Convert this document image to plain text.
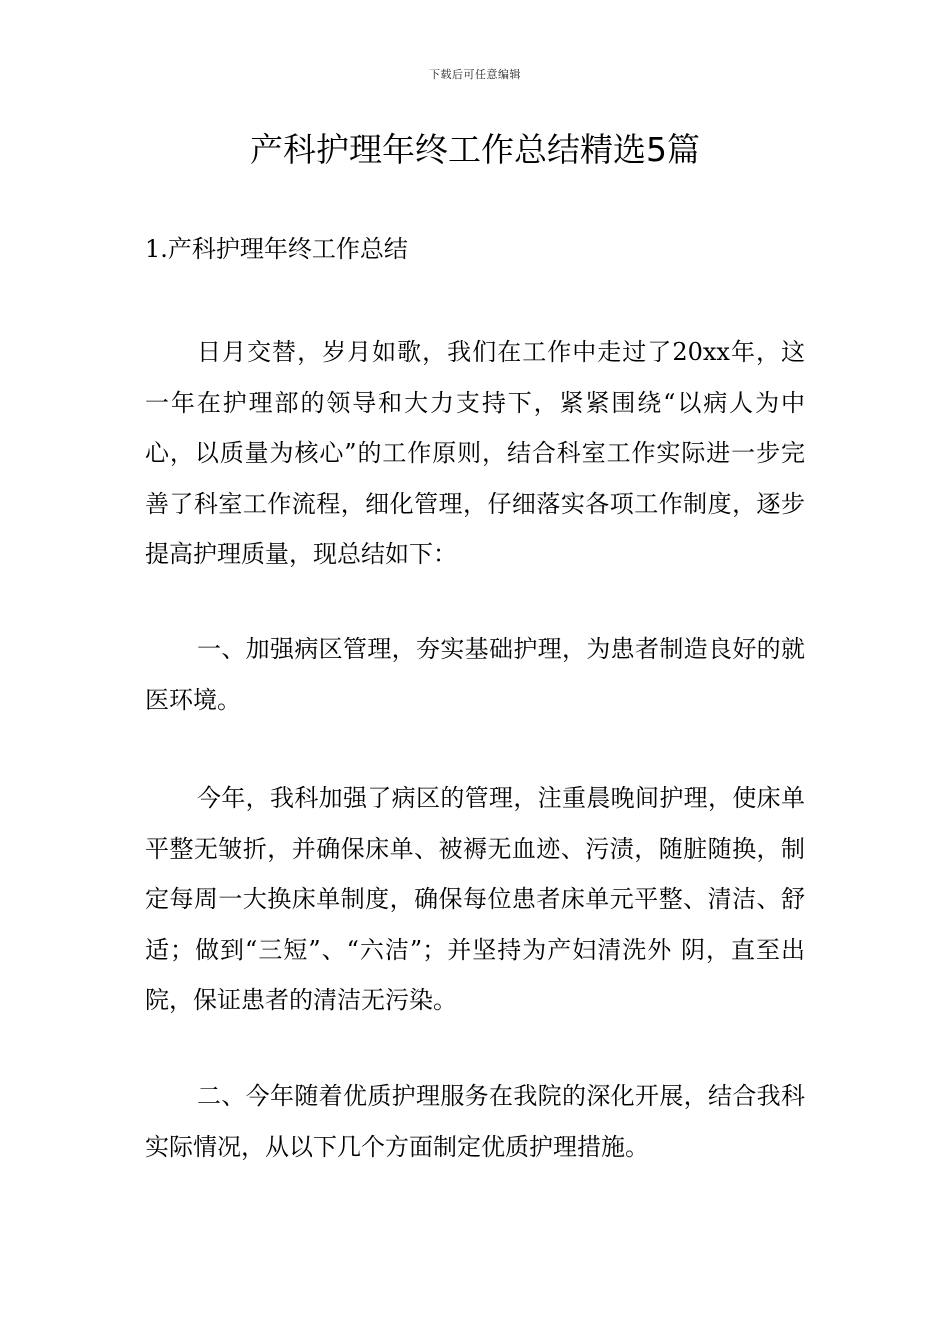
下载后可任意编辑
产科护理年终工作总结精选5篇
1.产科护理年终工作总结

日月交替，岁月如歌，我们在工作中走过了20xx年，这一年在护理部的领导和大力支持下，紧紧围绕“以病人为中心，以质量为核心”的工作原则，结合科室工作实际进一步完善了科室工作流程，细化管理，仔细落实各项工作制度，逐步提高护理质量，现总结如下：

一、加强病区管理，夯实基础护理，为患者制造良好的就医环境。

今年，我科加强了病区的管理，注重晨晚间护理，使床单平整无皱折，并确保床单、被褥无血迹、污渍，随脏随换，制定每周一大换床单制度，确保每位患者床单元平整、清洁、舒适；做到“三短”、“六洁”；并坚持为产妇清洗外 阴，直至出院，保证患者的清洁无污染。

二、今年随着优质护理服务在我院的深化开展，结合我科实际情况，从以下几个方面制定优质护理措施。
